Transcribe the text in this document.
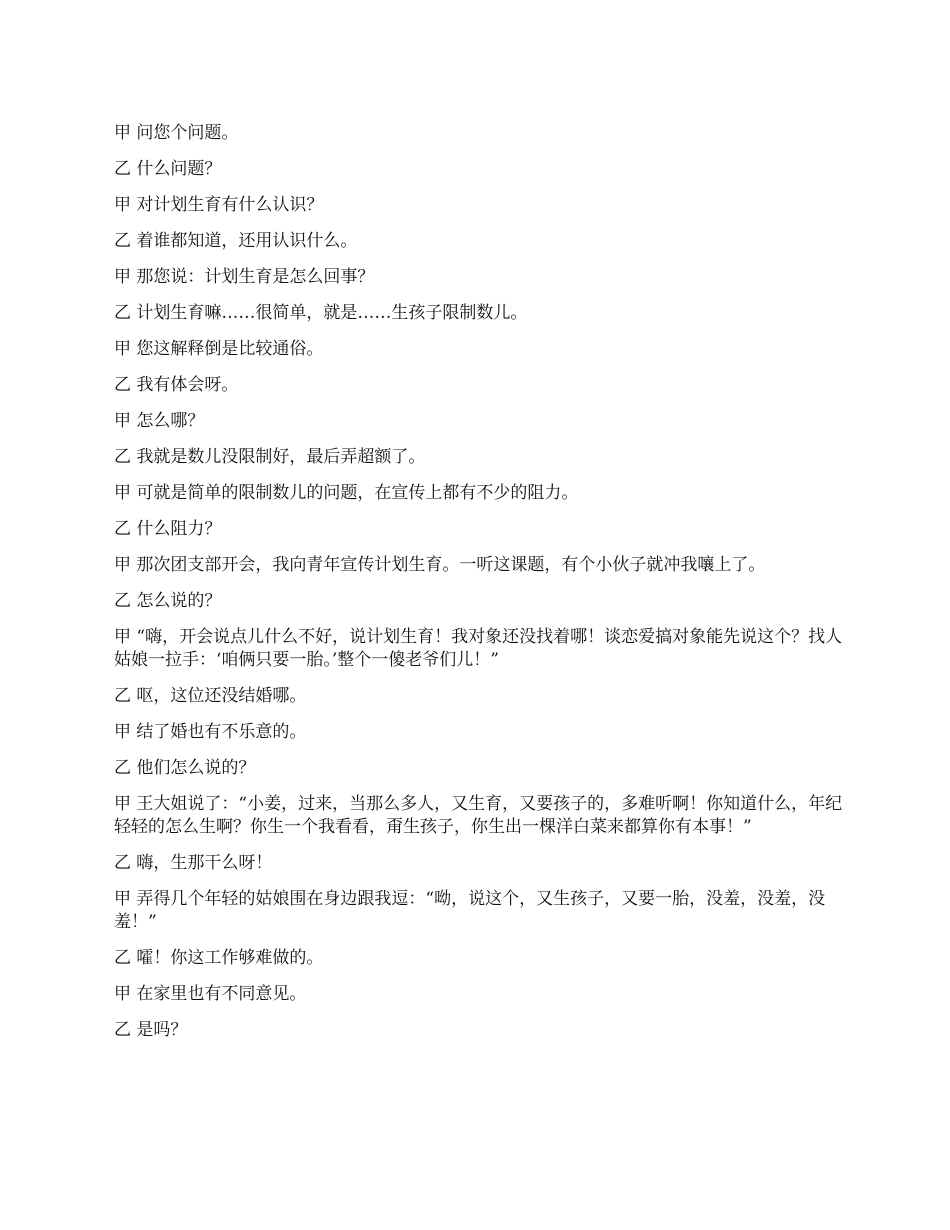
甲 问您个问题。

乙 什么问题？

甲 对计划生育有什么认识？

乙 着谁都知道，还用认识什么。

甲 那您说：计划生育是怎么回事？

乙 计划生育嘛……很简单，就是……生孩子限制数儿。

甲 您这解释倒是比较通俗。

乙 我有体会呀。

甲 怎么哪？

乙 我就是数儿没限制好，最后弄超额了。

甲 可就是简单的限制数儿的问题，在宣传上都有不少的阻力。

乙 什么阻力？

甲 那次团支部开会，我向青年宣传计划生育。一听这课题，有个小伙子就冲我嚷上了。

乙 怎么说的？

甲 “嗨，开会说点儿什么不好，说计划生育！我对象还没找着哪！谈恋爱搞对象能先说这个？找人姑娘一拉手：‘咱俩只要一胎。’整个一傻老爷们儿！”

乙 呕，这位还没结婚哪。

甲 结了婚也有不乐意的。

乙 他们怎么说的？

甲 王大姐说了：“小姜，过来，当那么多人，又生育，又要孩子的，多难听啊！你知道什么，年纪轻轻的怎么生啊？你生一个我看看，甭生孩子，你生出一棵洋白菜来都算你有本事！”

乙 嗨，生那干么呀！

甲 弄得几个年轻的姑娘围在身边跟我逗：“呦，说这个，又生孩子，又要一胎，没羞，没羞，没羞！”

乙 嚯！你这工作够难做的。

甲 在家里也有不同意见。

乙 是吗？
